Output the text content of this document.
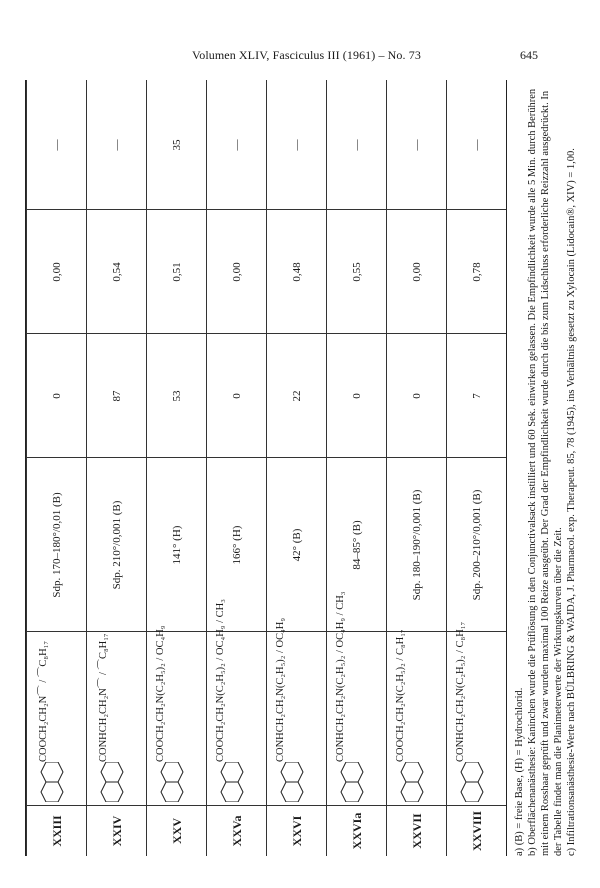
Volumen XLIV, Fasciculus III (1961) – No. 73	645
XXIII
COOCH₂CH₂N⌒ / ⌒C₈H₁₇
Sdp. 170–180°/0,01 (B)
0
0,00
—
XXIV
CONHCH₂CH₂N⌒ / ⌒C₈H₁₇
Sdp. 210°/0,001 (B)
87
0,54
—
XXV
COOCH₂CH₂N(C₂H₅)₂ / OC₄H₉
141° (H)
53
0,51
35
XXVa
COOCH₂CH₂N(C₂H₅)₂ / OC₄H₉ / CH₃
166° (H)
0
0,00
—
XXVI
CONHCH₂CH₂N(C₂H₅)₂ / OC₄H₉
42° (B)
22
0,48
—
XXVIa
CONHCH₂CH₂N(C₂H₅)₂ / OC₄H₉ / CH₃
84–85° (B)
0
0,55
—
XXVII
COOCH₂CH₂N(C₂H₅)₂ / C₈H₁₇
Sdp. 180–190°/0,001 (B)
0
0,00
—
XXVIII
CONHCH₂CH₂N(C₂H₅)₂ / C₈H₁₇
Sdp. 200–210°/0,001 (B)
7
0,78
—

a) (B) = freie Base, (H) = Hydrochlorid. b) Oberflächenanästhesie: Kaninchen wurde die Prüflösung in den Conjunctivalsack instilliert und 60 Sek. einwirken gelassen. Die Empfindlichkeit wurde alle 5 Min. durch Berühren mit einem Rosshaar geprüft und zwar wurden maximal 100 Reize ausgeübt. Der Grad der Empfindlichkeit wurde durch die bis zum Lidschluss erforderliche Reizzahl ausgedrückt. In der Tabelle findet man die Planimeterwerte der Wirkungskurven über die Zeit. c) Infiltrationsanästhesie-Werte nach BÜLBRING & WAJDA, J. Pharmacol. exp. Therapeut. 85, 78 (1945), ins Verhältnis gesetzt zu Xylocain (Lidocain®, XIV) = 1,00.
